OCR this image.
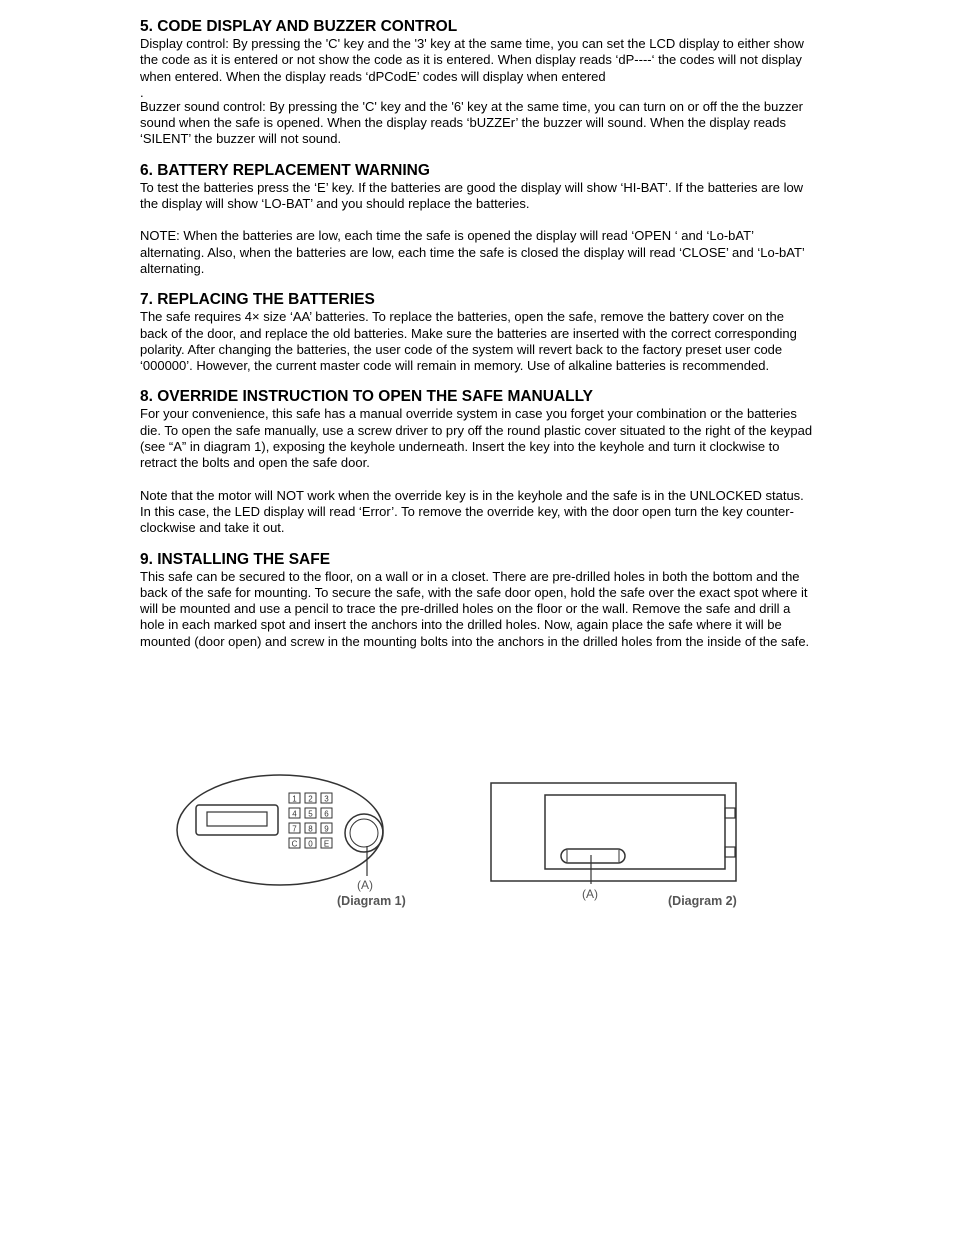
5. CODE DISPLAY AND BUZZER CONTROL

Display control: By pressing the 'C' key and the '3' key at the same time, you can set the LCD display to either show the code as it is entered or not show the code as it is entered. When display reads ‘dP----‘ the codes will not display when entered. When the display reads ‘dPCodE’ codes will display when entered

.

Buzzer sound control: By pressing the 'C' key and the '6' key at the same time, you can turn on or off the the buzzer sound when the safe is opened. When the display reads ‘bUZZEr’ the buzzer will sound. When the display reads ‘SILENT’ the buzzer will not sound.

6. BATTERY REPLACEMENT WARNING

To test the batteries press the ‘E’ key. If the batteries are good the display will show ‘HI-BAT’. If the batteries are low the display will show ‘LO-BAT’ and you should replace the batteries.

NOTE: When the batteries are low, each time the safe is opened the display will read ‘OPEN ‘ and ‘Lo-bAT’ alternating. Also, when the batteries are low, each time the safe is closed the display will read ‘CLOSE’ and ‘Lo-bAT’ alternating.

7. REPLACING THE BATTERIES

The safe requires 4× size ‘AA’ batteries. To replace the batteries, open the safe, remove the battery cover on the back of the door, and replace the old batteries. Make sure the batteries are inserted with the correct corresponding polarity. After changing the batteries, the user code of the system will revert back to the factory preset user code ‘000000’. However, the current master code will remain in memory. Use of alkaline batteries is recommended.

8. OVERRIDE INSTRUCTION TO OPEN THE SAFE MANUALLY

For your convenience, this safe has a manual override system in case you forget your combination or the batteries die. To open the safe manually, use a screw driver to pry off the round plastic cover situated to the right of the keypad (see “A” in diagram 1), exposing the keyhole underneath. Insert the key into the keyhole and turn it clockwise to retract the bolts and open the safe door.

Note that the motor will NOT work when the override key is in the keyhole and the safe is in the UNLOCKED status. In this case, the LED display will read ‘Error’. To remove the override key, with the door open turn the key counter-clockwise and take it out.

9. INSTALLING THE SAFE

This safe can be secured to the floor, on a wall or in a closet. There are pre-drilled holes in both the bottom and the back of the safe for mounting. To secure the safe, with the safe door open, hold the safe over the exact spot where it will be mounted and use a pencil to trace the pre-drilled holes on the floor or the wall. Remove the safe and drill a hole in each marked spot and insert the anchors into the drilled holes. Now, again place the safe where it will be mounted (door open) and screw in the mounting bolts into the anchors in the drilled holes from the inside of the safe.

1 2 3
4 5 6
7 8 9
C 0 E
(A)
(Diagram 1)	(A)	(Diagram 2)
